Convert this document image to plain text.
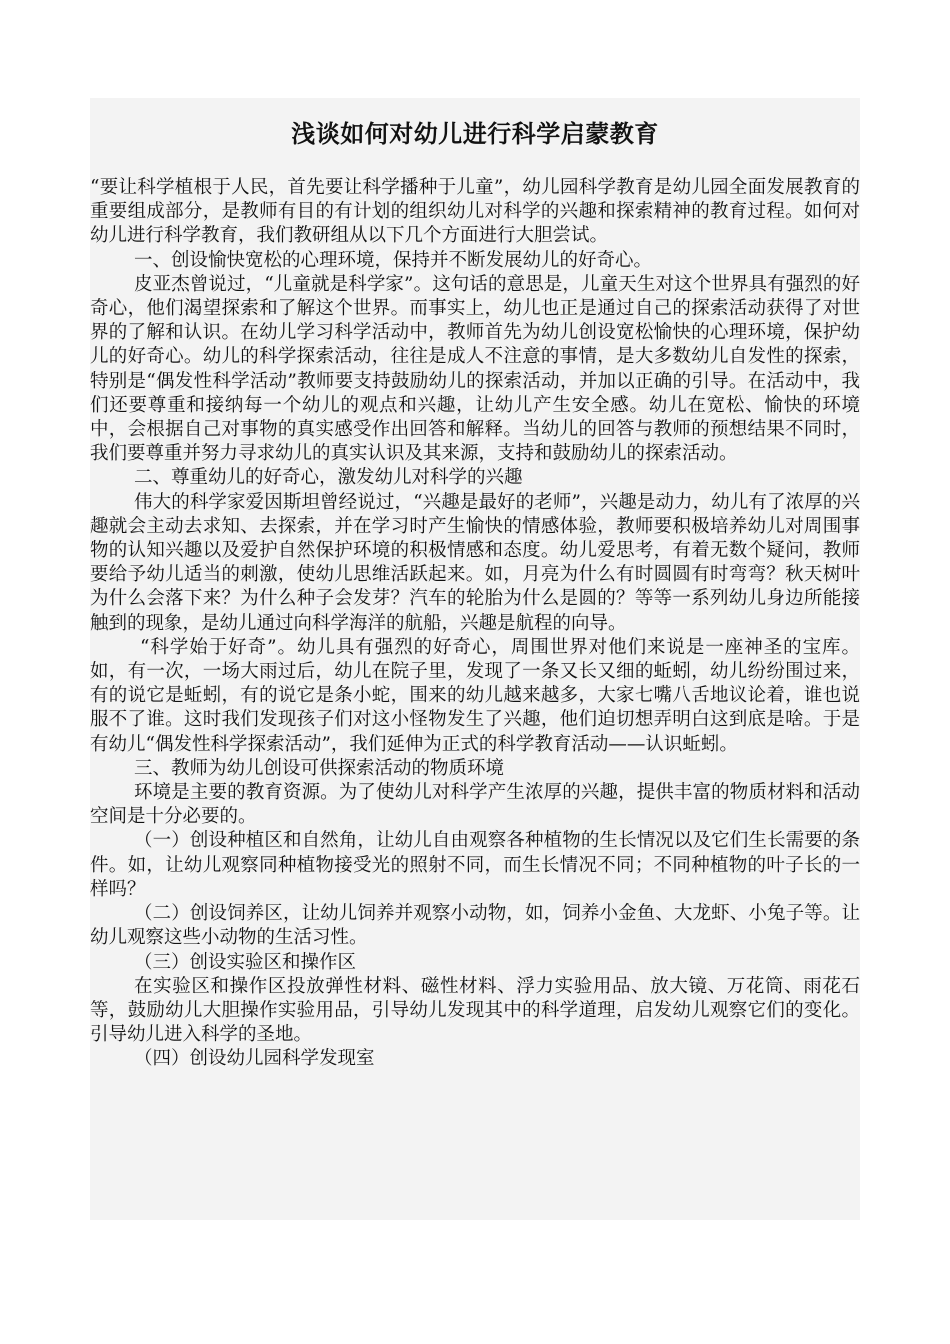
浅谈如何对幼儿进行科学启蒙教育

“要让科学植根于人民，首先要让科学播种于儿童”，幼儿园科学教育是幼儿园全面发展教育的重要组成部分，是教师有目的有计划的组织幼儿对科学的兴趣和探索精神的教育过程。如何对幼儿进行科学教育，我们教研组从以下几个方面进行大胆尝试。

一、创设愉快宽松的心理环境，保持并不断发展幼儿的好奇心。

皮亚杰曾说过，“儿童就是科学家”。这句话的意思是，儿童天生对这个世界具有强烈的好奇心，他们渴望探索和了解这个世界。而事实上，幼儿也正是通过自己的探索活动获得了对世界的了解和认识。在幼儿学习科学活动中，教师首先为幼儿创设宽松愉快的心理环境，保护幼儿的好奇心。幼儿的科学探索活动，往往是成人不注意的事情，是大多数幼儿自发性的探索，特别是“偶发性科学活动”教师要支持鼓励幼儿的探索活动，并加以正确的引导。在活动中，我们还要尊重和接纳每一个幼儿的观点和兴趣，让幼儿产生安全感。幼儿在宽松、愉快的环境中，会根据自己对事物的真实感受作出回答和解释。当幼儿的回答与教师的预想结果不同时，我们要尊重并努力寻求幼儿的真实认识及其来源，支持和鼓励幼儿的探索活动。

二、尊重幼儿的好奇心，激发幼儿对科学的兴趣

伟大的科学家爱因斯坦曾经说过，“兴趣是最好的老师”，兴趣是动力，幼儿有了浓厚的兴趣就会主动去求知、去探索，并在学习时产生愉快的情感体验，教师要积极培养幼儿对周围事物的认知兴趣以及爱护自然保护环境的积极情感和态度。幼儿爱思考，有着无数个疑问，教师要给予幼儿适当的刺激，使幼儿思维活跃起来。如，月亮为什么有时圆圆有时弯弯？秋天树叶为什么会落下来？为什么种子会发芽？汽车的轮胎为什么是圆的？等等一系列幼儿身边所能接触到的现象，是幼儿通过向科学海洋的航船，兴趣是航程的向导。

“科学始于好奇”。幼儿具有强烈的好奇心，周围世界对他们来说是一座神圣的宝库。如，有一次，一场大雨过后，幼儿在院子里，发现了一条又长又细的蚯蚓，幼儿纷纷围过来，有的说它是蚯蚓，有的说它是条小蛇，围来的幼儿越来越多，大家七嘴八舌地议论着，谁也说服不了谁。这时我们发现孩子们对这小怪物发生了兴趣，他们迫切想弄明白这到底是啥。于是有幼儿“偶发性科学探索活动”，我们延伸为正式的科学教育活动——认识蚯蚓。

三、教师为幼儿创设可供探索活动的物质环境

环境是主要的教育资源。为了使幼儿对科学产生浓厚的兴趣，提供丰富的物质材料和活动空间是十分必要的。

（一）创设种植区和自然角，让幼儿自由观察各种植物的生长情况以及它们生长需要的条件。如，让幼儿观察同种植物接受光的照射不同，而生长情况不同；不同种植物的叶子长的一样吗？

（二）创设饲养区，让幼儿饲养并观察小动物，如，饲养小金鱼、大龙虾、小兔子等。让幼儿观察这些小动物的生活习性。

（三）创设实验区和操作区

在实验区和操作区投放弹性材料、磁性材料、浮力实验用品、放大镜、万花筒、雨花石等，鼓励幼儿大胆操作实验用品，引导幼儿发现其中的科学道理，启发幼儿观察它们的变化。引导幼儿进入科学的圣地。

（四）创设幼儿园科学发现室
